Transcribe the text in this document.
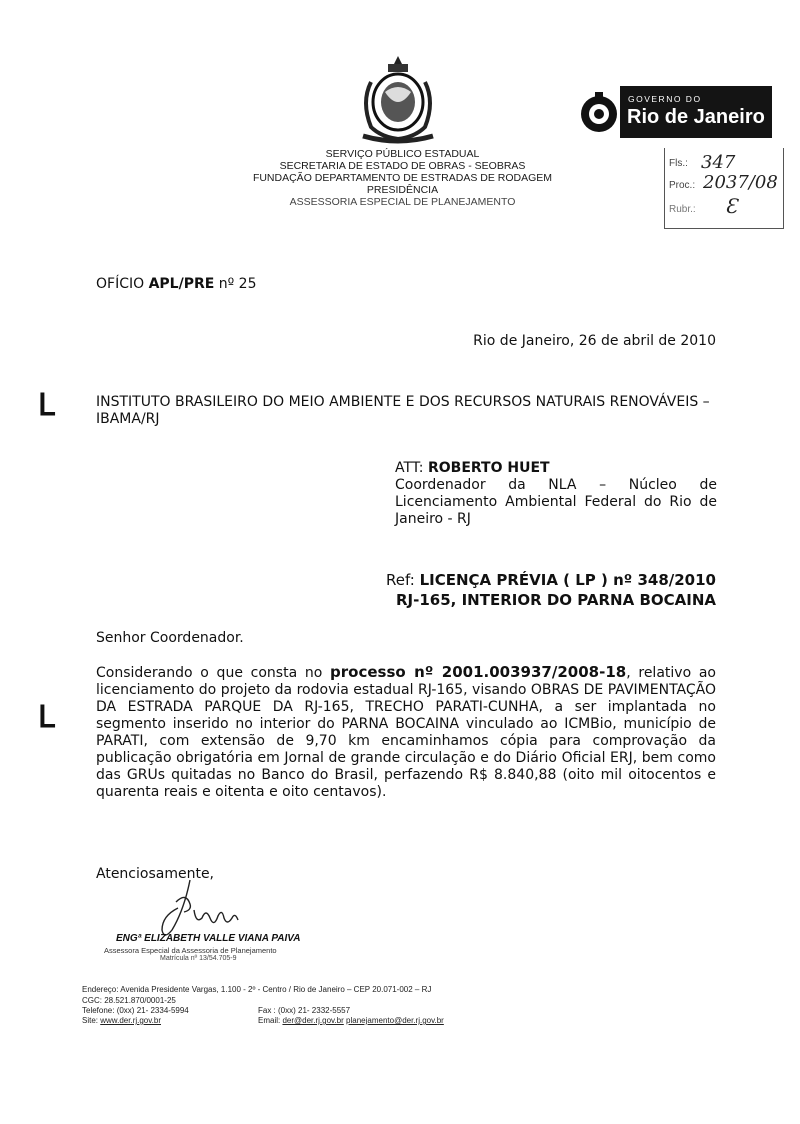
SERVIÇO PÚBLICO ESTADUAL
SECRETARIA DE ESTADO DE OBRAS - SEOBRAS
FUNDAÇÃO DEPARTAMENTO DE ESTRADAS DE RODAGEM
PRESIDÊNCIA
ASSESSORIA ESPECIAL DE PLANEJAMENTO
GOVERNO DO
Rio de Janeiro
Fls.: 347
Proc.: 2037/08
Rubr.: Ɛ
OFÍCIO APL/PRE nº 25
Rio de Janeiro, 26 de abril de 2010
ᒪ	INSTITUTO BRASILEIRO DO MEIO AMBIENTE E DOS RECURSOS NATURAIS RENOVÁVEIS – IBAMA/RJ
ATT: ROBERTO HUET
Coordenador da NLA – Núcleo de Licenciamento Ambiental Federal do Rio de Janeiro - RJ
Ref: LICENÇA PRÉVIA ( LP ) nº 348/2010
RJ-165, INTERIOR DO PARNA BOCAINA
Senhor Coordenador.
ᒪ
Considerando o que consta no processo nº 2001.003937/2008-18, relativo ao licenciamento do projeto da rodovia estadual RJ-165, visando OBRAS DE PAVIMENTAÇÃO DA ESTRADA PARQUE DA RJ-165, TRECHO PARATI-CUNHA, a ser implantada no segmento inserido no interior do PARNA BOCAINA vinculado ao ICMBio, município de PARATI, com extensão de 9,70 km encaminhamos cópia para comprovação da publicação obrigatória em Jornal de grande circulação e do Diário Oficial ERJ, bem como das GRUs quitadas no Banco do Brasil, perfazendo R$ 8.840,88 (oito mil oitocentos e quarenta reais e oitenta e oito centavos).
Atenciosamente,
ENGª ELIZABETH VALLE VIANA PAIVA
Assessora Especial da Assessoria de Planejamento
Matrícula nº 13/54.705-9
Endereço: Avenida Presidente Vargas, 1.100 - 2º - Centro / Rio de Janeiro – CEP 20.071-002 – RJ
CGC: 28.521.870/0001-25
Telefone: (0xx) 21- 2334-5994	Fax : (0xx) 21- 2332-5557
Site: www.der.rj.gov.br	Email: der@der.rj.gov.br planejamento@der.rj.gov.br
